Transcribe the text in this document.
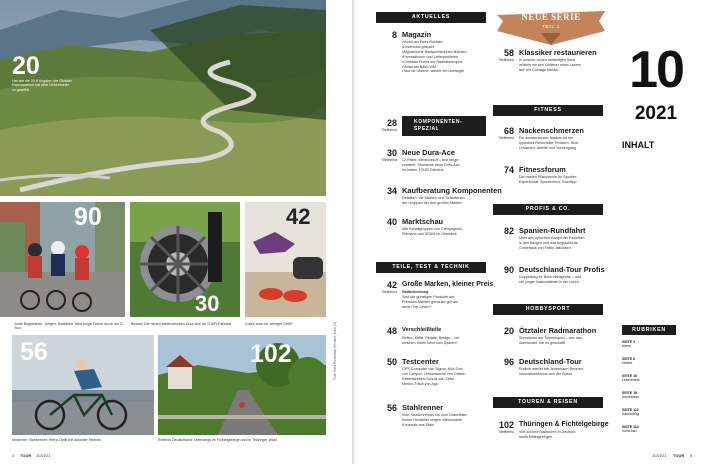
20
Hat wie die 20-ff Angabe: der Ötztaler Radmarathon hat viele Höhenmeter zu gewöhlt
90
Junte Begeisterte: Jungen, Radfahrer führt junge Fahrer durch die D-Tour
30
Besser! Die neuen elektronischen Dura-Ace ab TOUR-Fahrtest
42
Gutes auch für weniger Geld?
56
Moderner Stahlrenner: Retro-Optik mit aktueller Technik
102
Erlebnis Deutschland: Unterwegs im Fichtelgebirge und im Thüringer Wald
Foto: Gerd Rosenthal, Kirchner, Autor (2)
4 TOUR 10/2021
AKTUELLES
8 Magazin
•Vorschau Paris-Roubaix
•Leserfotos gesucht
•Afghanische Radsportlerinnen flüchten
•Fahrradboom und Lieferprobleme
•Christian Knees zur Radkatastrophe
•Vorschau Bahn-WM
•Tour de l'Avenir: wieder ein Norweger
28
Titelthema
KOMPONENTEN-SPEZIAL
30
Titelthema
Neue Dura-Ace
12 Ritzel, elektronisch – und lange
erwartet: Shimanos neue Dura-Ace
im harten TOUR-Fahrtest
34 Kaufberatung Komponenten
Detailiert: die Stärken und Schwächen
der Gruppen der drei großen Marken
40 Marktschau
Alle Schaltgruppen von Campagnolo,
Shimano und SRAM im Überblick
TEILE, TEST & TECHNIK
42
Titelthema
Große Marken, kleiner Preis
Radbekleidung
Sind die günstigen Produkte der
Premium-Marken genauso gut wie
deren Top-Linien?
48 Verschleißteile
Reifen, Kette, Pedale, Beläge – bei
welchen Teilen lohnt sich Sparen?
50 Testcenter
GPS-Computer von Sigma; Mini-Tool
von Canyon; Lenkertasche von Ortlieb;
Kettenstreben-Schutz von Zefal;
Merino-Trikot von Agu
56 Stahlrenner
Vom Straßenrenner bis zum Gravelbike:
Kleine Hersteller zeigen interessante
Konzepte aus Stahl
NEUE SERIE
TEIL 1
58
Titelthema
Klassiker restaurieren
In unserer neuen dreiteiligen Serie
möbeln wir den Oldtimer eines Lesers
auf: ein Colnago Mexico
FITNESS
68
Titelthema
Nackenschmerzen
Ein schmerzender Nacken ist ein
typisches Rennradler-Problem. Über
Ursachen, Abhilfe und Vorbeugung
74 Fitnessforum
Die besten Pflanzenöle für Sportler;
Expertenrat: Sportlerherz; Buchtipp
PROFIS & CO.
82 Spanien-Rundfahrt
Über den epischen Kampf der Favoriten
in den Bergen und das unglaubliche
Comeback von Fabio Jakobsen
90 Deutschland-Tour Profis
Doppelsieg für Bora-Hansgrohe – und
ein junger Nationalteam in der Lehre
HOBBYSPORT
20 Ötztaler Radmarathon
Showdown am Timmelsjoch – wer das
überwindet, hat es geschafft
96 Deutschland-Tour
Endlich wieder ein Jedermann-Rennen!
Innovationsschub aus der Spitze
TOUREN & REISEN
102
Titelthema
Thüringen & Fichtelgebirge
Vier schöne Radtouren in Deutsch-
lands Mittelgebirgen
10
2021
INHALT
RUBRIKEN
SEITE 3
Intern
SEITE 6
Notiert
SEITE 16
Leserbriefe
SEITE 18
Impressum
SEITE 112
Kaufanfrag
SEITE 114
Vorschau
10/2021 TOUR 5
